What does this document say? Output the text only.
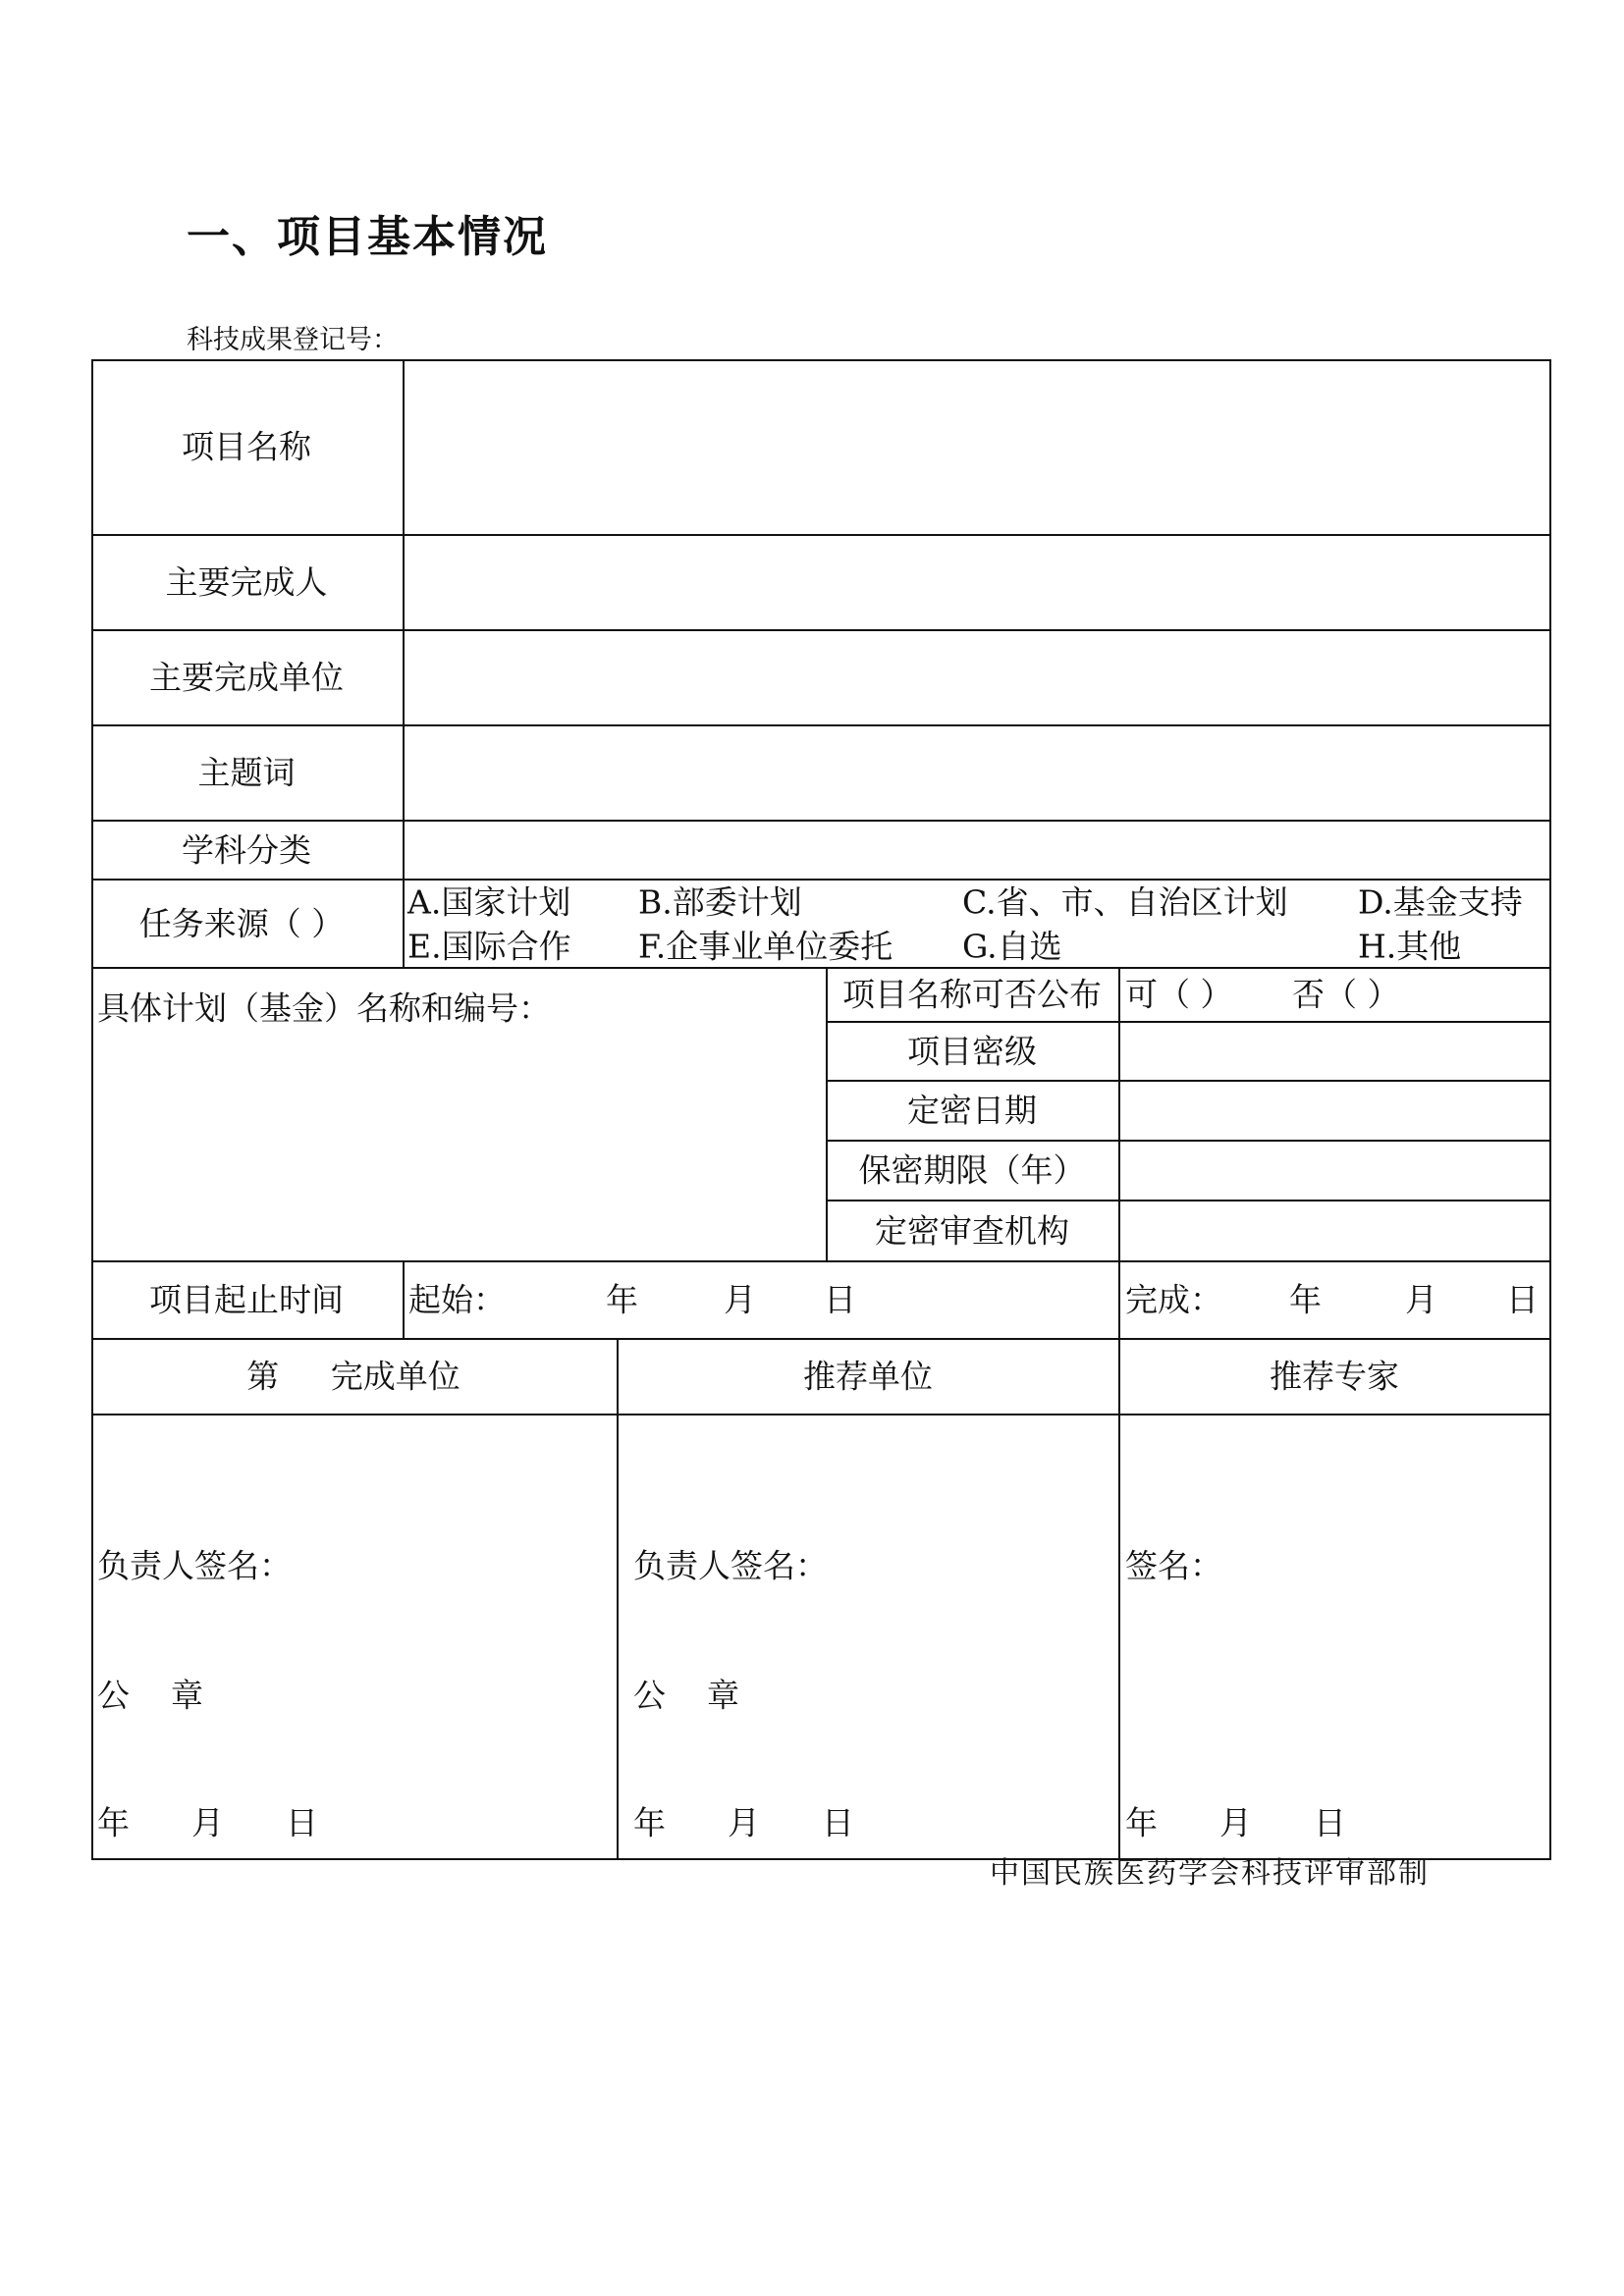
一、项目基本情况
科技成果登记号：
项目名称
主要完成人
主要完成单位
主题词
学科分类
任务来源（ ）
A.国家计划 B.部委计划	C.省、市、自治区计划 D.基金支持
E.国际合作 F.企事业单位委托 G.自选	H.其他
具体计划（基金）名称和编号：	项目名称可否公布 可（ ） 否（ ）
项目密级
定密日期
保密期限（年）
定密审查机构
项目起止时间 起始：	年	月 日	完成： 年	月 日
第     完成单位	推荐单位	推荐专家
负责人签名：	负责人签名：	签名：
公    章	公    章
年      月      日	年      月      日	年      月      日
中国民族医药学会科技评审部制
